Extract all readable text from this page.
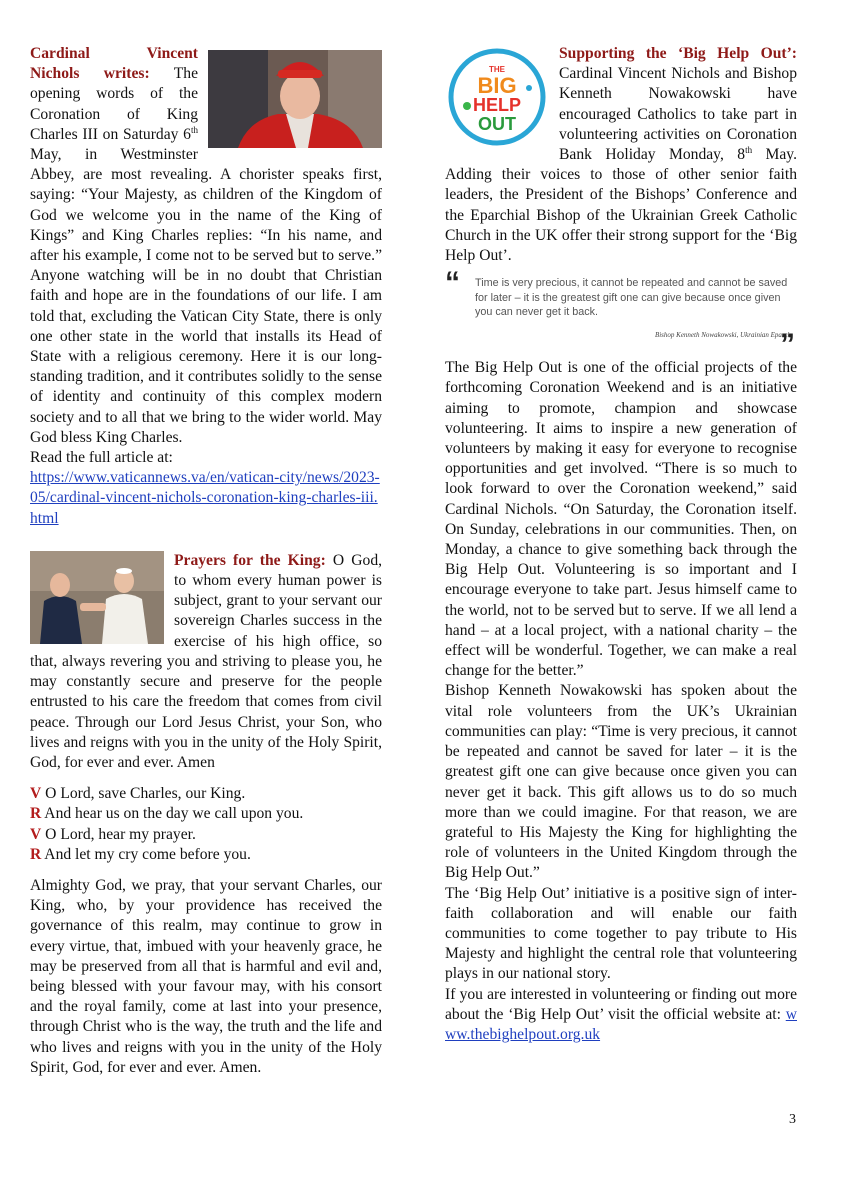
Cardinal Vincent Nichols writes: The opening words of the Coronation of King Charles III on Saturday 6th May, in Westminster Abbey, are most revealing. A chorister speaks first, saying: “Your Majesty, as children of the Kingdom of God we welcome you in the name of the King of Kings” and King Charles replies: “In his name, and after his example, I come not to be served but to serve.” Anyone watching will be in no doubt that Christian faith and hope are in the foundations of our life. I am told that, excluding the Vatican City State, there is only one other state in the world that installs its Head of State with a religious ceremony. Here it is our long-standing tradition, and it contributes solidly to the sense of identity and continuity of this complex modern society and to all that we bring to the wider world. May God bless King Charles.

Read the full article at:
https://www.vaticannews.va/en/vatican-city/news/2023-05/cardinal-vincent-nichols-coronation-king-charles-iii.html

Prayers for the King: O God, to whom every human power is subject, grant to your servant our sovereign Charles success in the exercise of his high office, so that, always revering you and striving to please you, he may constantly secure and preserve for the people entrusted to his care the freedom that comes from civil peace. Through our Lord Jesus Christ, your Son, who lives and reigns with you in the unity of the Holy Spirit, God, for ever and ever. Amen

V O Lord, save Charles, our King.

R And hear us on the day we call upon you.

V O Lord, hear my prayer.

R And let my cry come before you.

Almighty God, we pray, that your servant Charles, our King, who, by your providence has received the governance of this realm, may continue to grow in every virtue, that, imbued with your heavenly grace, he may be preserved from all that is harmful and evil and, being blessed with your favour may, with his consort and the royal family, come at last into your presence, through Christ who is the way, the truth and the life and who lives and reigns with you in the unity of the Holy Spirit, God, for ever and ever. Amen.

THE
BIG
HELP
OUT

Supporting the ‘Big Help Out’: Cardinal Vincent Nichols and Bishop Kenneth Nowakowski have encouraged Catholics to take part in volunteering activities on Coronation Bank Holiday Monday, 8th May. Adding their voices to those of other senior faith leaders, the President of the Bishops’ Conference and the Eparchial Bishop of the Ukrainian Greek Catholic Church in the UK offer their strong support for the ‘Big Help Out’.

“ Time is very precious, it cannot be repeated and cannot be saved for later – it is the greatest gift one can give because once given you can never get it back.
Bishop Kenneth Nowakowski, Ukrainian Eparch
”

The Big Help Out is one of the official projects of the forthcoming Coronation Weekend and is an initiative aiming to promote, champion and showcase volunteering. It aims to inspire a new generation of volunteers by making it easy for everyone to recognise opportunities and get involved. “There is so much to look forward to over the Coronation weekend,” said Cardinal Nichols. “On Saturday, the Coronation itself. On Sunday, celebrations in our communities. Then, on Monday, a chance to give something back through the Big Help Out. Volunteering is so important and I encourage everyone to take part. Jesus himself came to the world, not to be served but to serve. If we all lend a hand – at a local project, with a national charity – the effect will be wonderful. Together, we can make a real change for the better.”

Bishop Kenneth Nowakowski has spoken about the vital role volunteers from the UK’s Ukrainian communities can play: “Time is very precious, it cannot be repeated and cannot be saved for later – it is the greatest gift one can give because once given you can never get it back. This gift allows us to do so much more than we could imagine. For that reason, we are grateful to His Majesty the King for highlighting the role of volunteers in the United Kingdom through the Big Help Out.”

The ‘Big Help Out’ initiative is a positive sign of inter-faith collaboration and will enable our faith communities to come together to pay tribute to His Majesty and highlight the central role that volunteering plays in our national story.

If you are interested in volunteering or finding out more about the ‘Big Help Out’ visit the official website at: www.thebighelpout.org.uk

3
